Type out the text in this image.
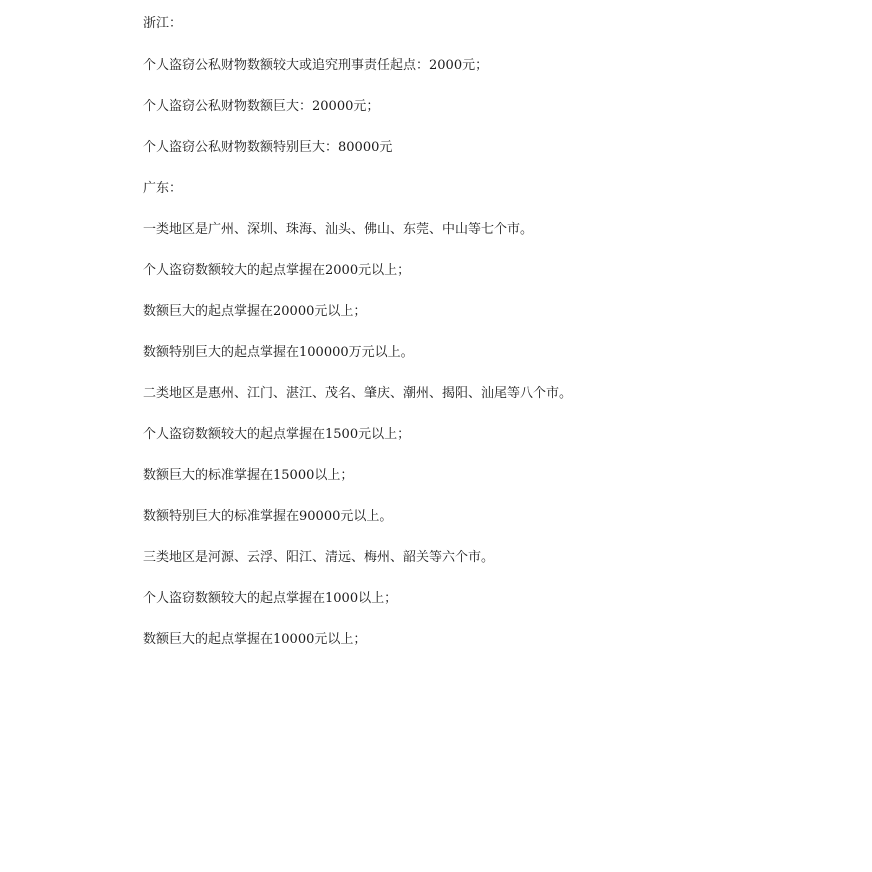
浙江：

个人盗窃公私财物数额较大或追究刑事责任起点：2000元；

个人盗窃公私财物数额巨大：20000元；

个人盗窃公私财物数额特别巨大：80000元

广东：

一类地区是广州、深圳、珠海、汕头、佛山、东莞、中山等七个市。

个人盗窃数额较大的起点掌握在2000元以上；

数额巨大的起点掌握在20000元以上；

数额特别巨大的起点掌握在100000万元以上。

二类地区是惠州、江门、湛江、茂名、肇庆、潮州、揭阳、汕尾等八个市。

个人盗窃数额较大的起点掌握在1500元以上；

数额巨大的标准掌握在15000以上；

数额特别巨大的标准掌握在90000元以上。

三类地区是河源、云浮、阳江、清远、梅州、韶关等六个市。

个人盗窃数额较大的起点掌握在1000以上；

数额巨大的起点掌握在10000元以上；
